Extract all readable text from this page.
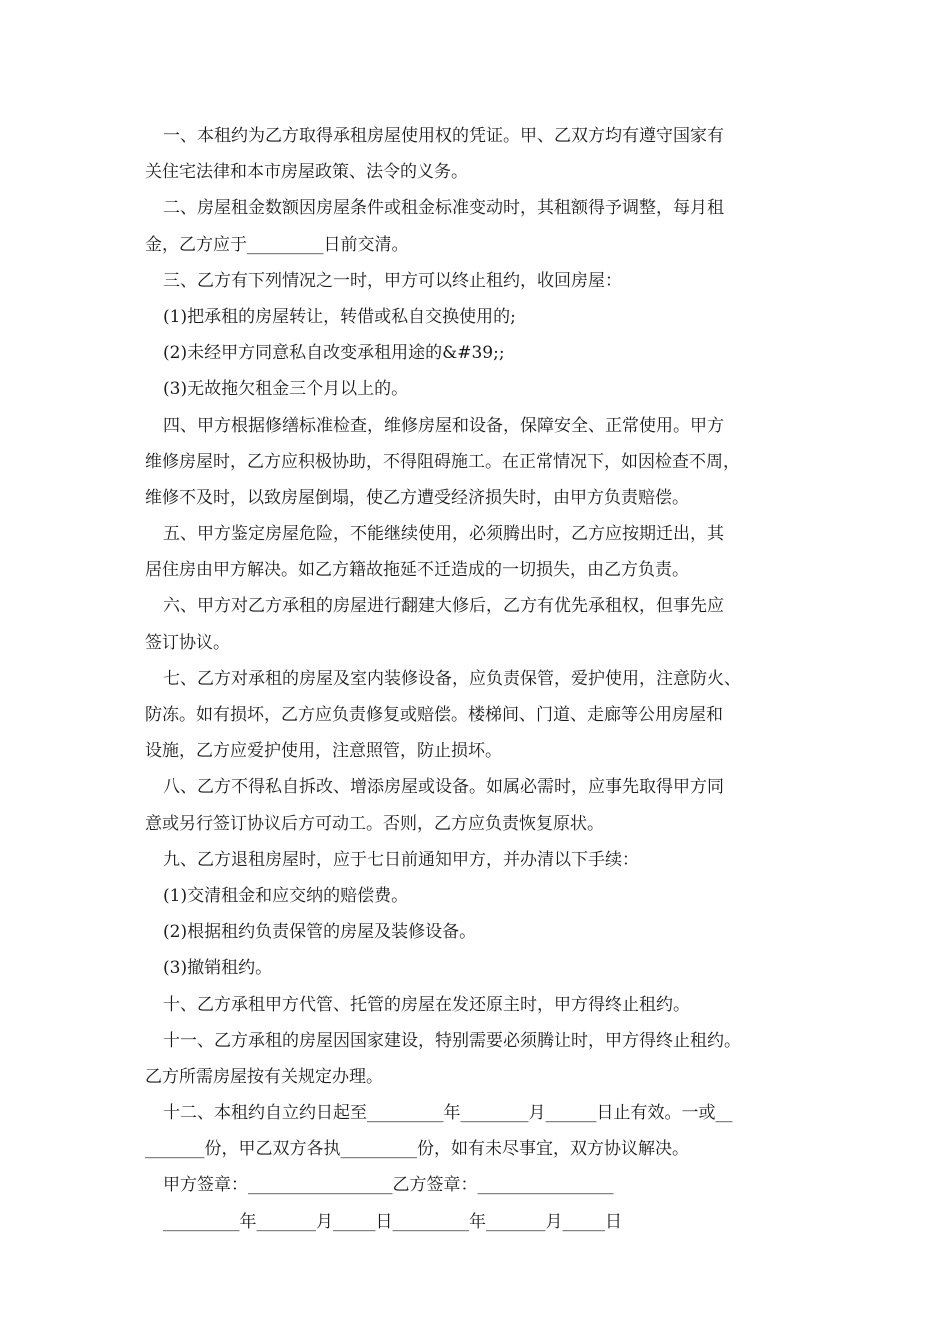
一、本租约为乙方取得承租房屋使用权的凭证。甲、乙双方均有遵守国家有
关住宅法律和本市房屋政策、法令的义务。
二、房屋租金数额因房屋条件或租金标准变动时，其租额得予调整，每月租
金，乙方应于_________日前交清。
三、乙方有下列情况之一时，甲方可以终止租约，收回房屋：
(1)把承租的房屋转让，转借或私自交换使用的;
(2)未经甲方同意私自改变承租用途的&#39;;
(3)无故拖欠租金三个月以上的。
四、甲方根据修缮标准检查，维修房屋和设备，保障安全、正常使用。甲方
维修房屋时，乙方应积极协助，不得阻碍施工。在正常情况下，如因检查不周，
维修不及时，以致房屋倒塌，使乙方遭受经济损失时，由甲方负责赔偿。
五、甲方鉴定房屋危险，不能继续使用，必须腾出时，乙方应按期迁出，其
居住房由甲方解决。如乙方籍故拖延不迁造成的一切损失，由乙方负责。
六、甲方对乙方承租的房屋进行翻建大修后，乙方有优先承租权，但事先应
签订协议。
七、乙方对承租的房屋及室内装修设备，应负责保管，爱护使用，注意防火、
防冻。如有损坏，乙方应负责修复或赔偿。楼梯间、门道、走廊等公用房屋和
设施，乙方应爱护使用，注意照管，防止损坏。
八、乙方不得私自拆改、增添房屋或设备。如属必需时，应事先取得甲方同
意或另行签订协议后方可动工。否则，乙方应负责恢复原状。
九、乙方退租房屋时，应于七日前通知甲方，并办清以下手续：
(1)交清租金和应交纳的赔偿费。
(2)根据租约负责保管的房屋及装修设备。
(3)撤销租约。
十、乙方承租甲方代管、托管的房屋在发还原主时，甲方得终止租约。
十一、乙方承租的房屋因国家建设，特别需要必须腾让时，甲方得终止租约。
乙方所需房屋按有关规定办理。
十二、本租约自立约日起至_________年________月______日止有效。一或__
_______份，甲乙双方各执_________份，如有未尽事宜，双方协议解决。
甲方签章：_________________乙方签章：________________
_________年_______月_____日_________年_______月_____日
